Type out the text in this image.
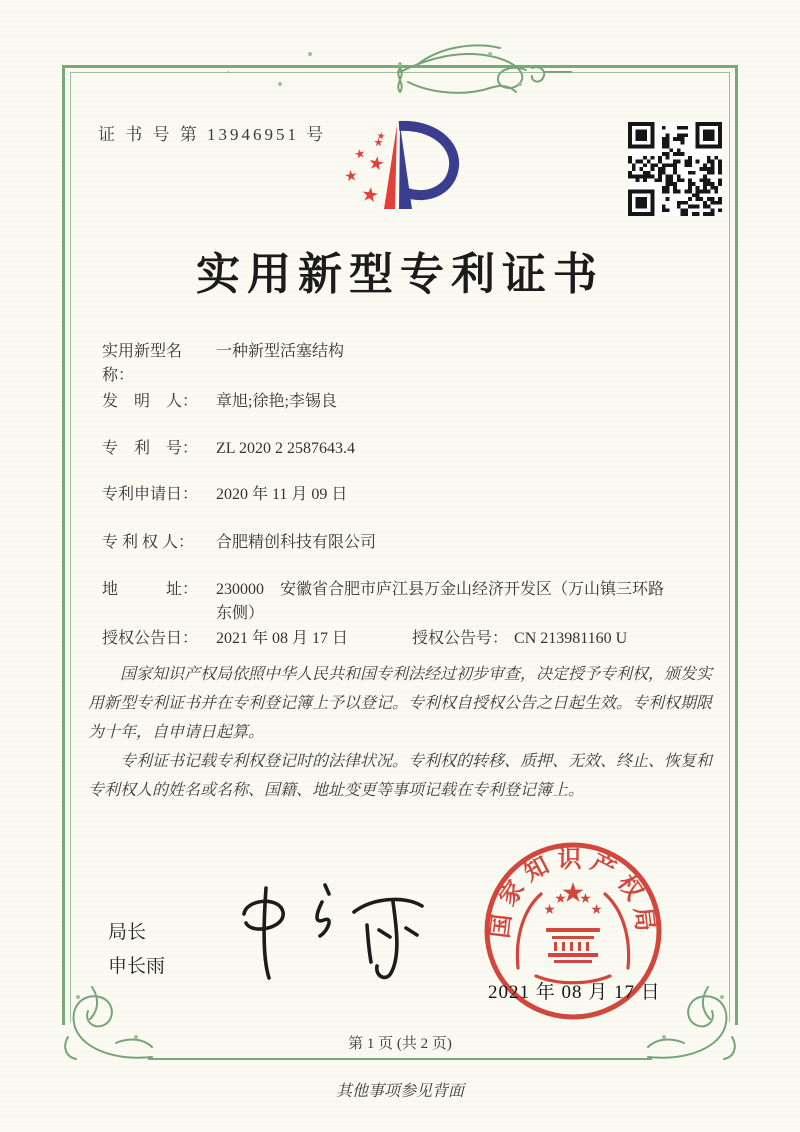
证 书 号 第 13946951 号
实用新型专利证书
实用新型名称：
一种新型活塞结构
发　明　人：	章旭;徐艳;李锡良
专　利　号：	ZL 2020 2 2587643.4
专利申请日：	2020 年 11 月 09 日
专 利 权 人：	合肥精创科技有限公司
地　　　址：	230000　安徽省合肥市庐江县万金山经济开发区（万山镇三环路东侧）
授权公告日：	2021 年 08 月 17 日	授权公告号： CN 213981160 U

国家知识产权局依照中华人民共和国专利法经过初步审查，决定授予专利权，颁发实用新型专利证书并在专利登记簿上予以登记。专利权自授权公告之日起生效。专利权期限为十年，自申请日起算。

专利证书记载专利权登记时的法律状况。专利权的转移、质押、无效、终止、恢复和专利权人的姓名或名称、国籍、地址变更等事项记载在专利登记簿上。

局长
申长雨
国家知识产权局
2021 年 08 月 17 日
第 1 页 (共 2 页)
其他事项参见背面
